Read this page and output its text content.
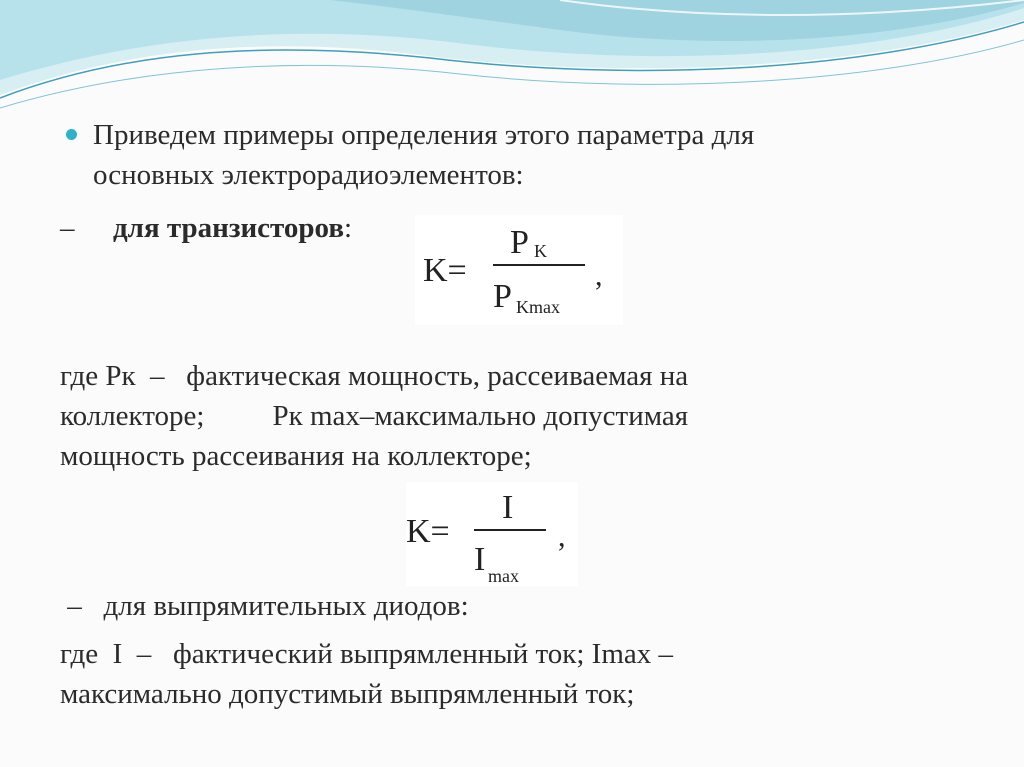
Приведем примеры определения этого параметра для
основных электрорадиоэлементов:
– для транзисторов:
K=
P K
P Kmax
,
где Рк  –   фактическая мощность, рассеиваемая на
коллекторе; Рк max–максимально допустимая
мощность рассеивания на коллекторе;
K=
I
I max
,
–   для выпрямительных диодов:
где  I  –   фактический выпрямленный ток; Imax –
максимально допустимый выпрямленный ток;
